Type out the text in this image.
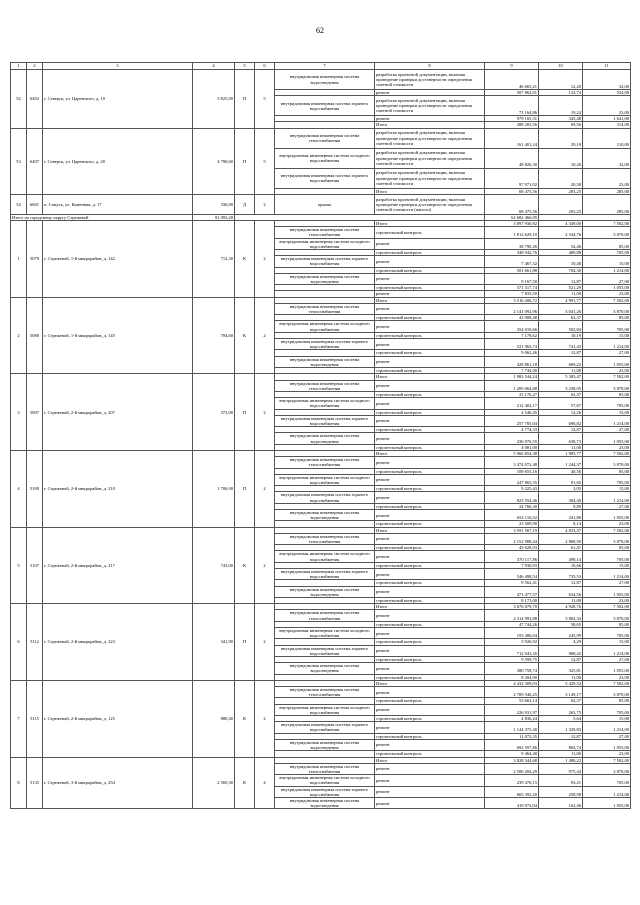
62
1	2	3	4	5	6	7	8	9	10	11
52	6492	г. Северск, ул. Царевского, д. 10	3 825,90	П	5	внутридомовая инженерная система водоотведения	разработка проектной документации, включая проведение проверки достоверности определения сметной стоимости	46 665,21	12,20	32,00
							ремонт	507 862,01	132,74	534,00
						внутридомовая инженерная система горячего водоснабжения	разработка проектной документации, включая проведение проверки достоверности определения сметной стоимости	73 164,86	19,24	23,00
							ремонт	979 165,31	345,48	1 641,00
							Итого	288 203,56	69,56	314,00
53	6497	г. Северск, ул. Царевского, д. 20	4 790,60	П	5	внутридомовая инженерная система теплоснабжения	разработка проектной документации, включая проведение проверки достоверности определения сметной стоимости	161 401,24	29,10	110,00
						внутридомовая инженерная система холодного водоснабжения	разработка проектной документации, включая проведение проверки достоверности определения сметной стоимости	48 826,30	10,26	32,00
						внутридомовая инженерная система горячего водоснабжения	разработка проектной документации, включая проведение проверки достоверности определения сметной стоимости	97 971,02	20,58	23,00
							Итого	68 475,56	203,25	285,00
54	6601	п. Самусь, ул. Каменная, д. 17	336,90	Д	2	крыша	разработка проектной документации, включая проведение проверки достоверности определения сметной стоимости (жилого)	68 475,56	203,25	285,00
Итого по городскому округу Стрежевой			81 093,20					62 682 466,05		
1	5079	г. Стрежевой, 1-й микрорайон, д. 142	712,30	К	2		Итого	3 097 930,82	4 349,00	7 502,00
						внутридомовая инженерная система теплоснабжения	строительный контроль	1 812 629,10	2 544,76	3 870,00
						внутридомовая инженерная система холодного водоснабжения	ремонт	38 790,26	54,46	85,00
							строительный контроль	348 942,76	489,88	705,00
						внутридомовая инженерная система горячего водоснабжения	ремонт	7 467,32	10,48	15,00
							строительный контроль	501 661,88	704,30	1 214,00
						внутридомовая инженерная система водоотведения	ремонт	9 167,50	12,87	27,00
							строительный контроль	371 317,74	521,29	1 055,00
							ремонт	7 833,50	11,00	23,00
2	5080	г. Стрежевой, 1-й микрорайон, д. 145	704,60	К	2		Итого	3 516 206,72	4 991,77	7 502,00
						внутридомовая инженерная система теплоснабжения	ремонт	2 141 092,96	3 041,26	3 870,00
							строительный контроль	43 908,48	62,37	85,00
						внутридомовая инженерная система холодного водоснабжения	ремонт	354 010,66	502,84	705,00
							строительный контроль	7 178,62	10,19	15,00
						внутридомовая инженерная система горячего водоснабжения	ремонт	521 963,74	741,43	1 214,00
							строительный контроль	9 062,46	12,87	27,00
						внутридомовая инженерная система водоотведения	ремонт	428 861,18	609,22	1 055,00
							строительный контроль	7 744,00	11,00	23,00
3	5097	г. Стрежевой, 2-й микрорайон, д. 207	373,00	П	2		Итого	1 982 544,24	5 383,47	7 502,00
						внутридомовая инженерная система теплоснабжения	ремонт	1 209 064,88	3 238,95	3 870,00
							строительный контроль	23 176,27	62,37	85,00
						внутридомовая инженерная система холодного водоснабжения	ремонт	212 402,17	57,67	705,00
							строительный контроль	4 546,45	12,26	15,00
						внутридомовая инженерная система горячего водоснабжения	ремонт	257 705,04	696,82	1 214,00
							строительный контроль	4 774,33	12,87	27,00
						внутридомовая инженерная система водоотведения	ремонт	236 976,55	638,73	1 055,00
							строительный контроль	4 081,00	11,00	23,00
4	5100	г. Стрежевой, 2-й микрорайон, д. 210	1 706,90	П	2		Итого	5 966 854,38	1 885,77	7 502,00
						внутридомовая инженерная система теплоснабжения	ремонт	3 474 072,48	1 244,37	3 870,00
							строительный контроль	109 655,16	40,56	85,00
						внутридомовая инженерная система холодного водоснабжения	ремонт	247 865,35	91,65	705,00
							строительный контроль	9 325,43	3,05	15,00
						внутридомовая инженерная система горячего водоснабжения	ремонт	823 554,46	304,40	1 214,00
							строительный контроль	24 766,30	9,89	27,00
						внутридомовая инженерная система водоотведения	ремонт	654 116,52	241,80	1 055,00
							строительный контроль	23 509,90	8,14	23,00
5	5107	г. Стрежевой, 2-й микрорайон, д. 217	743,00	К	2		Итого	3 591 567,19	4 833,37	7 502,00
						внутридомовая инженерная система теплоснабжения	ремонт	2 152 988,44	2 869,50	3 870,00
							строительный контроль	45 628,03	61,41	85,00
						внутридомовая инженерная система холодного водоснабжения	ремонт	370 117,86	498,14	705,00
							строительный контроль	7 930,93	10,66	15,00
						внутридомовая инженерная система горячего водоснабжения	ремонт	546 498,54	735,53	1 214,00
							строительный контроль	9 562,41	12,87	27,00
						внутридомовая инженерная система водоотведения	ремонт	471 477,57	634,56	1 055,00
							строительный контроль	8 173,00	11,00	23,00
6	5112	г. Стрежевой, 2-й микрорайон, д. 223	341,90	П	2		Итого	3 676 079,70	4 928,76	7 502,00
						внутридомовая инженерная система теплоснабжения	ремонт	2 314 993,88	3 802,34	3 870,00
							строительный контроль	47 744,26	58,65	85,00
						внутридомовая инженерная система холодного водоснабжения	ремонт	193 486,04	245,99	705,00
							строительный контроль	3 926,92	4,29	15,00
						внутридомовая инженерная система горячего водоснабжения	ремонт	712 943,45	968,42	1 214,00
							строительный контроль	9 599,75	12,87	27,00
						внутридомовая инженерная система водоотведения	ремонт	380 758,74	325,81	1 055,00
							строительный контроль	8 204,90	11,00	23,00
7	5115	г. Стрежевой, 2-й микрорайон, д. 125	880,40	К	2		Итого	4 432 309,03	5 429,34	7 502,00
						внутридомовая инженерная система теплоснабжения	ремонт	2 709 546,25	3 149,17	3 870,00
							строительный контроль	53 663,14	62,37	85,00
						внутридомовая инженерная система холодного водоснабжения	ремонт	226 931,97	263,75	705,00
							строительный контроль	4 836,24	5,64	15,00
						внутридомовая инженерная система горячего водоснабжения	ремонт	1 144 375,40	1 329,83	1 214,00
							строительный контроль	11 073,35	12,87	27,00
						внутридомовая инженерная система водоотведения	ремонт	692 597,86	804,74	1 055,00
							строительный контроль	9 464,40	11,00	23,00
8	5135	г. Стрежевой, 3-й микрорайон, д. 254	2 569,30	К	4		Итого	3 828 344,68	1 490,22	7 502,00
						внутридомовая инженерная система теплоснабжения	ремонт	2 506 204,29	975,44	3 870,00
						внутридомовая инженерная система холодного водоснабжения	ремонт	239 476,15	93,21	705,00
						внутридомовая инженерная система горячего водоснабжения	ремонт	665 392,20	258,98	1 214,00
						внутридомовая инженерная система водоотведения	ремонт	419 972,04	162,46	1 055,00
